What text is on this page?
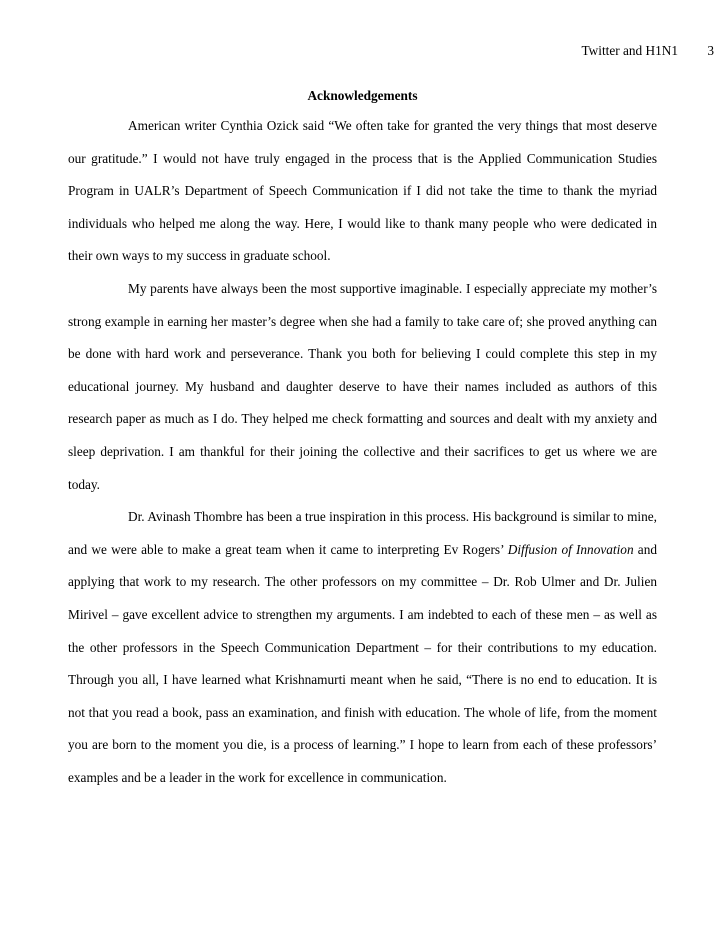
Twitter and H1N1 3
Acknowledgements

American writer Cynthia Ozick said “We often take for granted the very things that most deserve our gratitude.” I would not have truly engaged in the process that is the Applied Communication Studies Program in UALR’s Department of Speech Communication if I did not take the time to thank the myriad individuals who helped me along the way. Here, I would like to thank many people who were dedicated in their own ways to my success in graduate school.

My parents have always been the most supportive imaginable. I especially appreciate my mother’s strong example in earning her master’s degree when she had a family to take care of; she proved anything can be done with hard work and perseverance. Thank you both for believing I could complete this step in my educational journey. My husband and daughter deserve to have their names included as authors of this research paper as much as I do. They helped me check formatting and sources and dealt with my anxiety and sleep deprivation. I am thankful for their joining the collective and their sacrifices to get us where we are today.

Dr. Avinash Thombre has been a true inspiration in this process. His background is similar to mine, and we were able to make a great team when it came to interpreting Ev Rogers’ Diffusion of Innovation and applying that work to my research. The other professors on my committee – Dr. Rob Ulmer and Dr. Julien Mirivel – gave excellent advice to strengthen my arguments. I am indebted to each of these men – as well as the other professors in the Speech Communication Department – for their contributions to my education. Through you all, I have learned what Krishnamurti meant when he said, “There is no end to education. It is not that you read a book, pass an examination, and finish with education. The whole of life, from the moment you are born to the moment you die, is a process of learning.” I hope to learn from each of these professors’ examples and be a leader in the work for excellence in communication.
